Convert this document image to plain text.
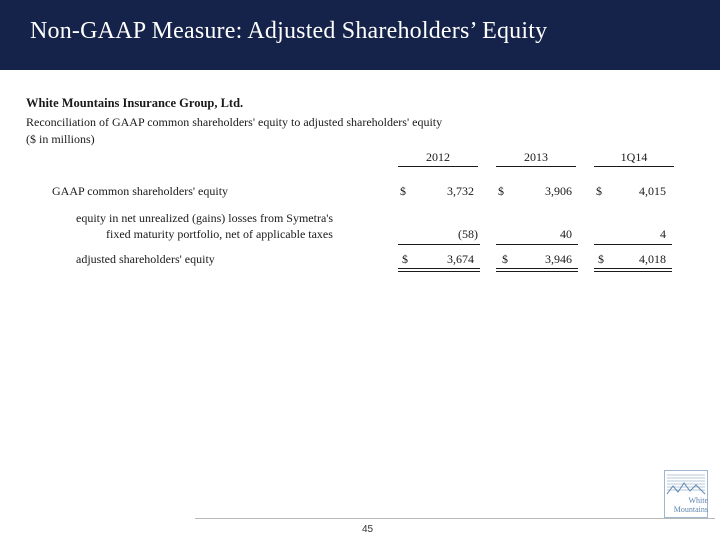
Non-GAAP Measure: Adjusted Shareholders’ Equity
White Mountains Insurance Group, Ltd.
Reconciliation of GAAP common shareholders' equity to adjusted shareholders' equity
($ in millions)
2012	2013	1Q14
GAAP common shareholders' equity	$	3,732 $	3,906 $	4,015
equity in net unrealized (gains) losses from Symetra's
fixed maturity portfolio, net of applicable taxes	(58)	40	4
adjusted shareholders' equity	$	3,674 $	3,946 $	4,018
45
White
Mountains
